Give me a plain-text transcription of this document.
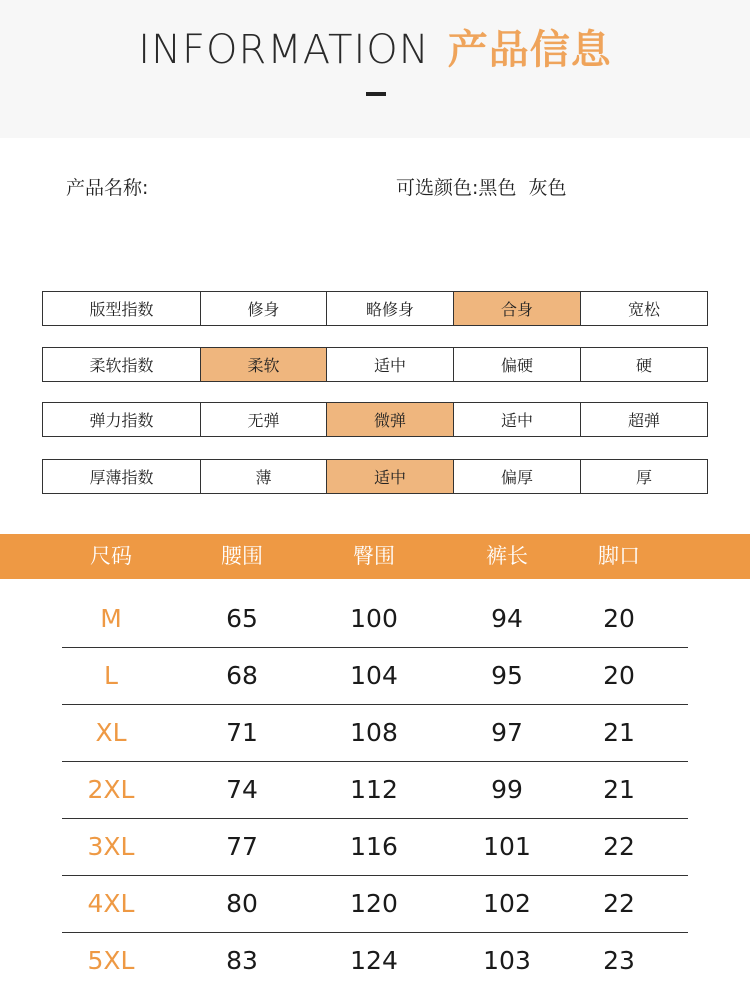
INFORMATION 产品信息
产品名称:	可选颜色:黑色  灰色
版型指数	修身	略修身	合身	宽松
柔软指数	柔软	适中	偏硬	硬
弹力指数	无弹	微弹	适中	超弹
厚薄指数	薄	适中	偏厚	厚
尺码	腰围	臀围	裤长	脚口
M	65	100	94	20
L	68	104	95	20
XL	71	108	97	21
2XL	74	112	99	21
3XL	77	116	101	22
4XL	80	120	102	22
5XL	83	124	103	23
